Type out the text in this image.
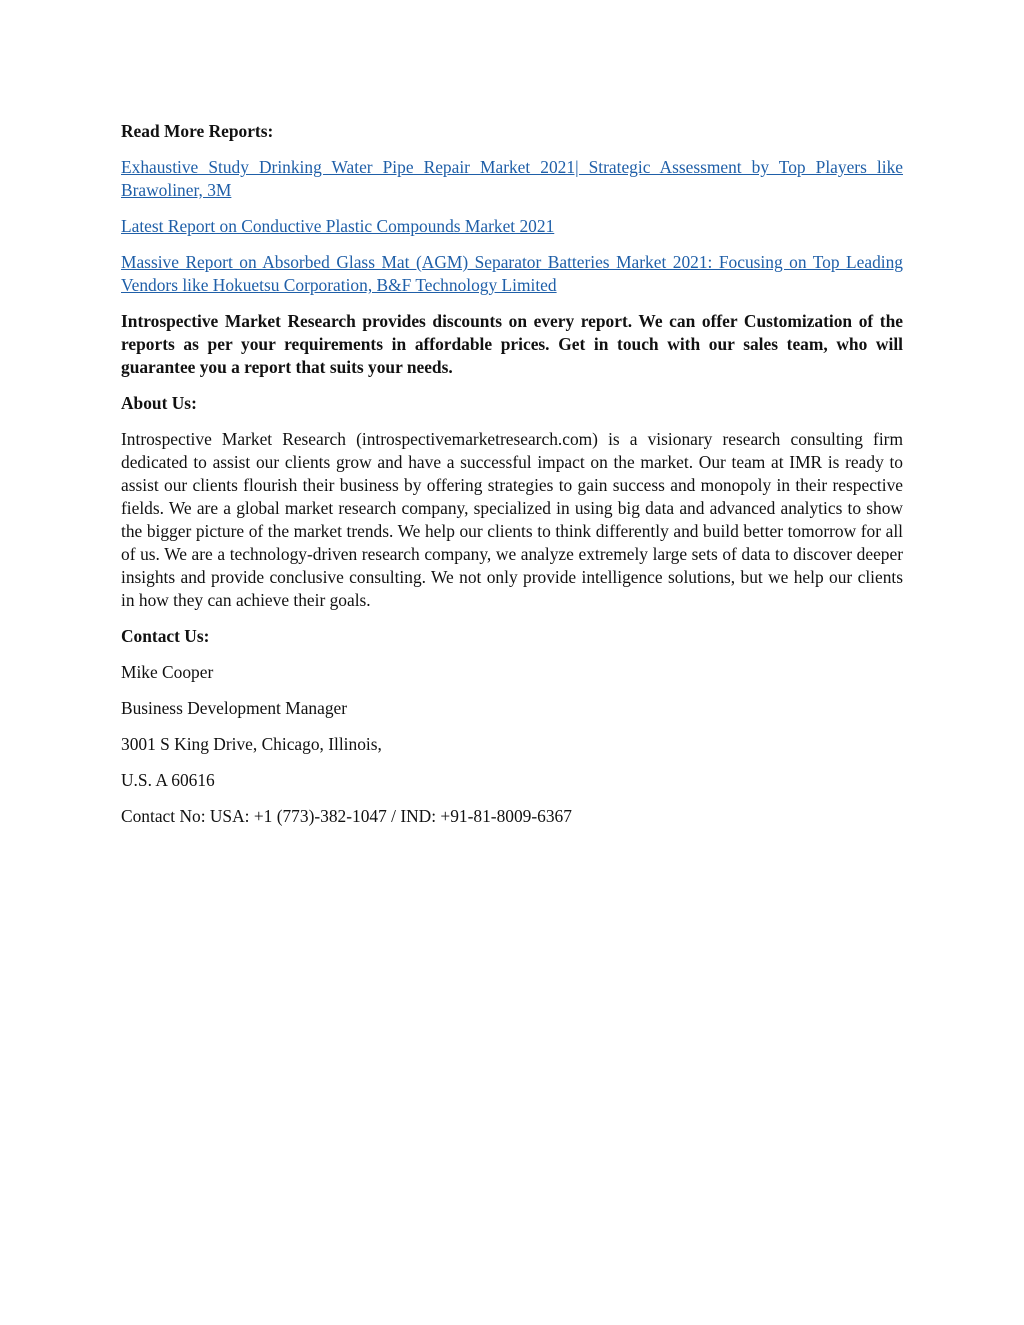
Read More Reports:

Exhaustive Study Drinking Water Pipe Repair Market 2021| Strategic Assessment by Top Players like Brawoliner, 3M

Latest Report on Conductive Plastic Compounds Market 2021

Massive Report on Absorbed Glass Mat (AGM) Separator Batteries Market 2021: Focusing on Top Leading Vendors like Hokuetsu Corporation, B&F Technology Limited

Introspective Market Research provides discounts on every report. We can offer Customization of the reports as per your requirements in affordable prices. Get in touch with our sales team, who will guarantee you a report that suits your needs.

About Us:

Introspective Market Research (introspectivemarketresearch.com) is a visionary research consulting firm dedicated to assist our clients grow and have a successful impact on the market. Our team at IMR is ready to assist our clients flourish their business by offering strategies to gain success and monopoly in their respective fields. We are a global market research company, specialized in using big data and advanced analytics to show the bigger picture of the market trends. We help our clients to think differently and build better tomorrow for all of us. We are a technology-driven research company, we analyze extremely large sets of data to discover deeper insights and provide conclusive consulting. We not only provide intelligence solutions, but we help our clients in how they can achieve their goals.

Contact Us:

Mike Cooper

Business Development Manager

3001 S King Drive, Chicago, Illinois,

U.S. A 60616

Contact No: USA: +1 (773)-382-1047 / IND: +91-81-8009-6367
